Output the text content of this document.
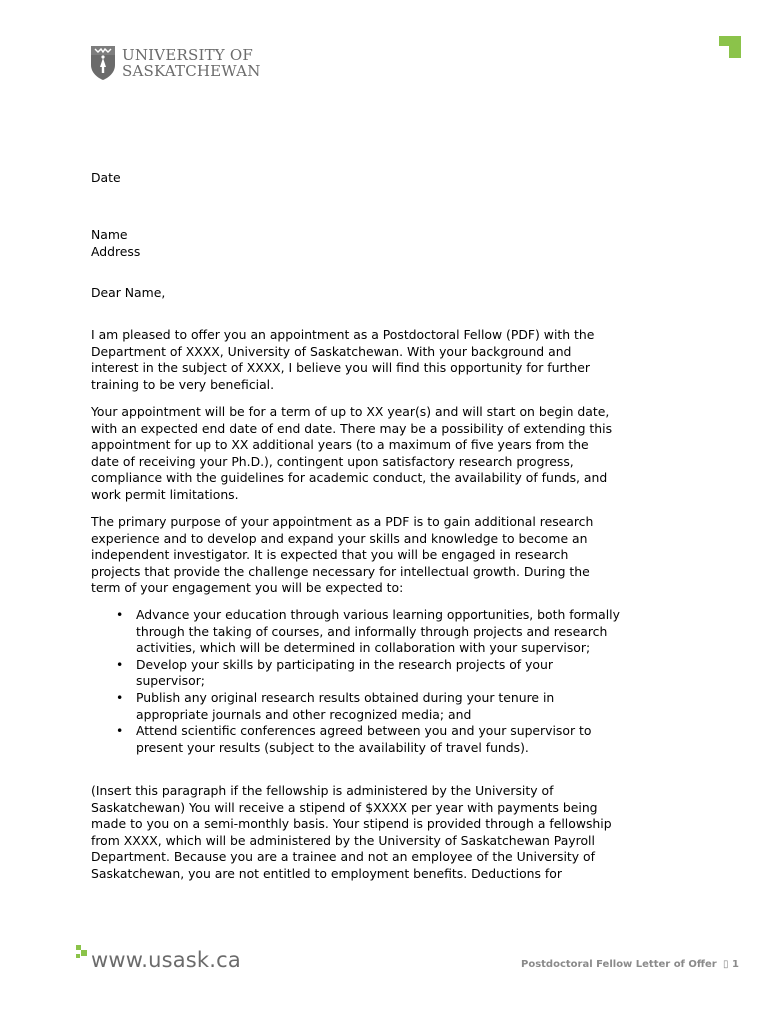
UNIVERSITY OF
SASKATCHEWAN
Date
Name
Address
Dear Name,
I am pleased to offer you an appointment as a Postdoctoral Fellow (PDF) with the
Department of XXXX, University of Saskatchewan. With your background and
interest in the subject of XXXX, I believe you will find this opportunity for further
training to be very beneficial.
Your appointment will be for a term of up to XX year(s) and will start on begin date,
with an expected end date of end date. There may be a possibility of extending this
appointment for up to XX additional years (to a maximum of five years from the
date of receiving your Ph.D.), contingent upon satisfactory research progress,
compliance with the guidelines for academic conduct, the availability of funds, and
work permit limitations.
The primary purpose of your appointment as a PDF is to gain additional research
experience and to develop and expand your skills and knowledge to become an
independent investigator. It is expected that you will be engaged in research
projects that provide the challenge necessary for intellectual growth. During the
term of your engagement you will be expected to:
• Advance your education through various learning opportunities, both formally
through the taking of courses, and informally through projects and research
activities, which will be determined in collaboration with your supervisor;
• Develop your skills by participating in the research projects of your
supervisor;
• Publish any original research results obtained during your tenure in
appropriate journals and other recognized media; and
• Attend scientific conferences agreed between you and your supervisor to
present your results (subject to the availability of travel funds).
(Insert this paragraph if the fellowship is administered by the University of
Saskatchewan) You will receive a stipend of $XXXX per year with payments being
made to you on a semi-monthly basis. Your stipend is provided through a fellowship
from XXXX, which will be administered by the University of Saskatchewan Payroll
Department. Because you are a trainee and not an employee of the University of
Saskatchewan, you are not entitled to employment benefits. Deductions for
www.usask.ca	Postdoctoral Fellow Letter of Offer ▯ 1
